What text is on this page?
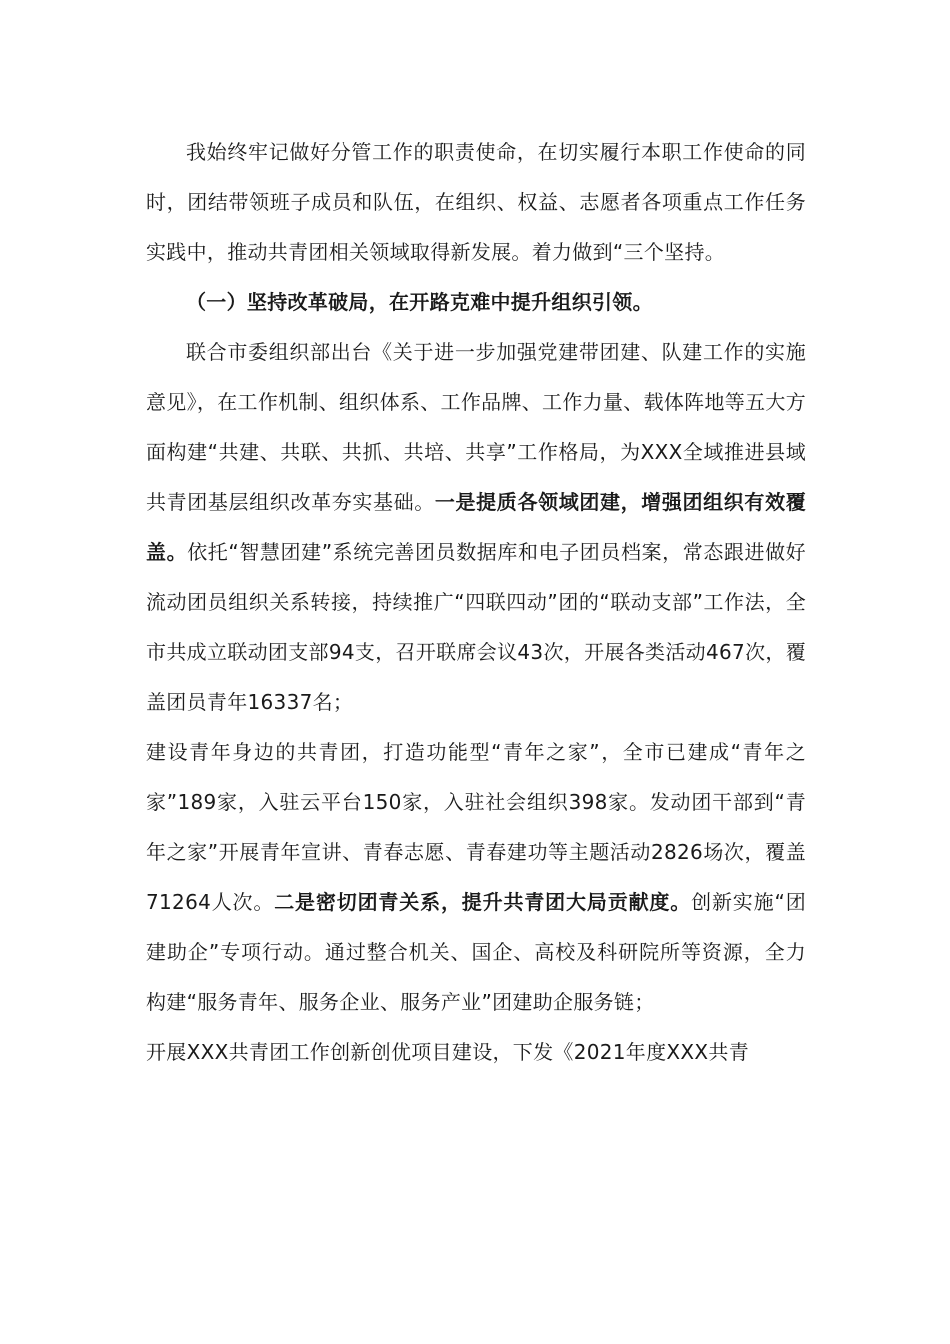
我始终牢记做好分管工作的职责使命，在切实履行本职工作使命的同时，团结带领班子成员和队伍，在组织、权益、志愿者各项重点工作任务实践中，推动共青团相关领域取得新发展。着力做到“三个坚持。

（一）坚持改革破局，在开路克难中提升组织引领。

联合市委组织部出台《关于进一步加强党建带团建、队建工作的实施意见》，在工作机制、组织体系、工作品牌、工作力量、载体阵地等五大方面构建“共建、共联、共抓、共培、共享”工作格局，为XXX全域推进县域共青团基层组织改革夯实基础。一是提质各领域团建，增强团组织有效覆盖。依托“智慧团建”系统完善团员数据库和电子团员档案，常态跟进做好流动团员组织关系转接，持续推广“四联四动”团的“联动支部”工作法，全市共成立联动团支部94支，召开联席会议43次，开展各类活动467次，覆盖团员青年16337名；

建设青年身边的共青团，打造功能型“青年之家”，全市已建成“青年之家”189家，入驻云平台150家，入驻社会组织398家。发动团干部到“青年之家”开展青年宣讲、青春志愿、青春建功等主题活动2826场次，覆盖71264人次。二是密切团青关系，提升共青团大局贡献度。创新实施“团建助企”专项行动。通过整合机关、国企、高校及科研院所等资源，全力构建“服务青年、服务企业、服务产业”团建助企服务链；

开展XXX共青团工作创新创优项目建设，下发《2021年度XXX共青
